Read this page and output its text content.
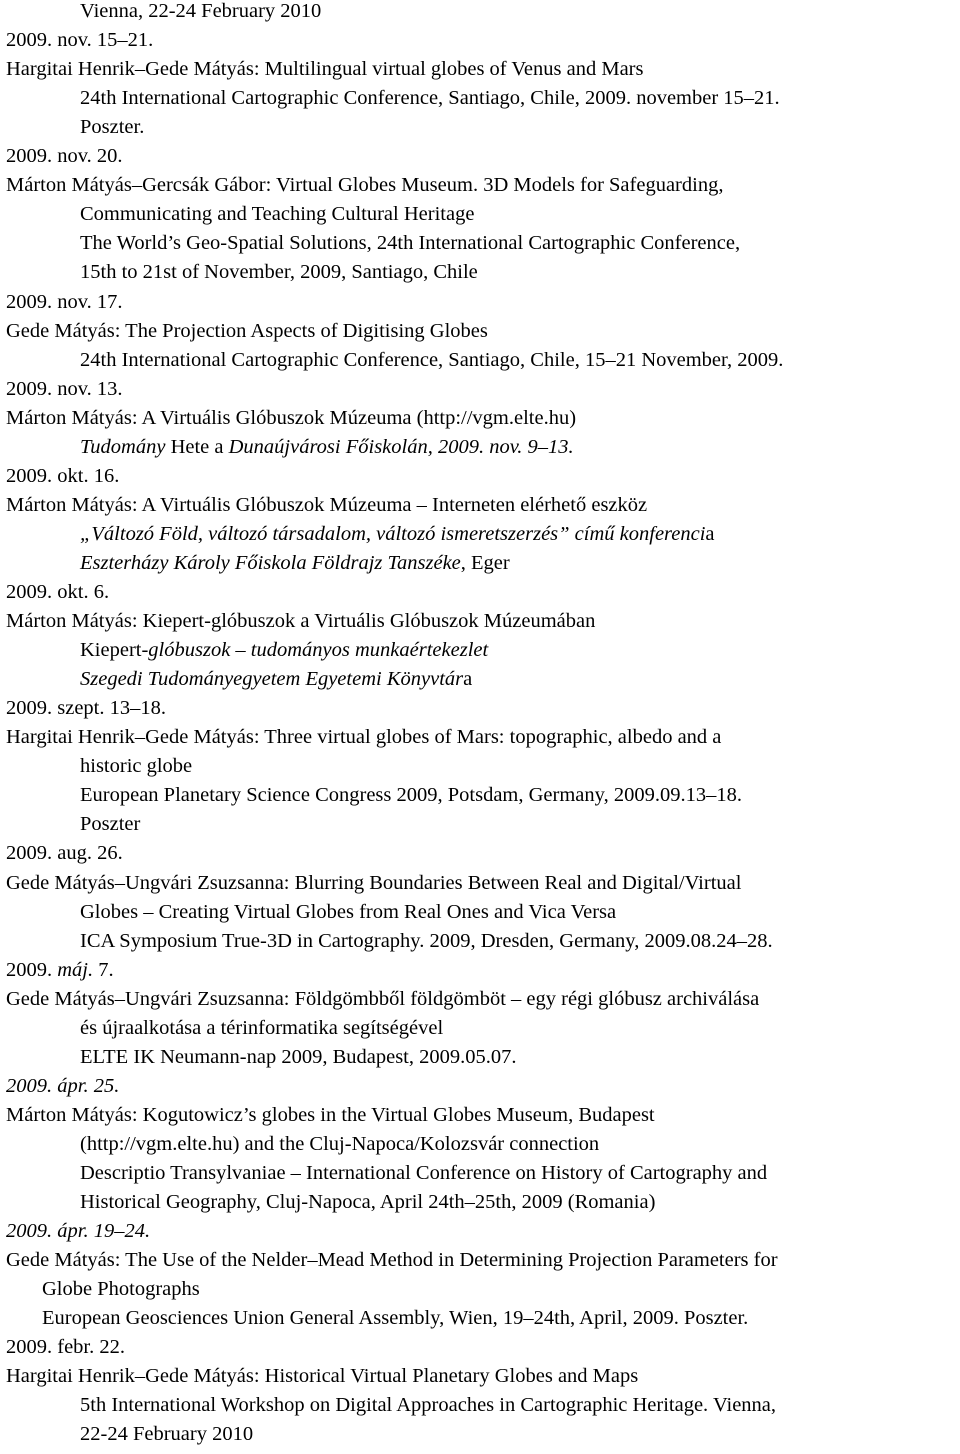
Vienna, 22-24 February 2010
2009. nov. 15–21.
Hargitai Henrik–Gede Mátyás: Multilingual virtual globes of Venus and Mars
24th International Cartographic Conference, Santiago, Chile, 2009. november 15–21.
Poszter.
2009. nov. 20.
Márton Mátyás–Gercsák Gábor: Virtual Globes Museum. 3D Models for Safeguarding,
Communicating and Teaching Cultural Heritage
The World’s Geo-Spatial Solutions, 24th International Cartographic Conference,
15th to 21st of November, 2009, Santiago, Chile
2009. nov. 17.
Gede Mátyás: The Projection Aspects of Digitising Globes
24th International Cartographic Conference, Santiago, Chile, 15–21 November, 2009.
2009. nov. 13.
Márton Mátyás: A Virtuális Glóbuszok Múzeuma (http://vgm.elte.hu)
Tudomány Hete a Dunaújvárosi Főiskolán, 2009. nov. 9–13.
2009. okt. 16.
Márton Mátyás: A Virtuális Glóbuszok Múzeuma – Interneten elérhető eszköz
„Változó Föld, változó társadalom, változó ismeretszerzés” című konferencia
Eszterházy Károly Főiskola Földrajz Tanszéke, Eger
2009. okt. 6.
Márton Mátyás: Kiepert-glóbuszok a Virtuális Glóbuszok Múzeumában
Kiepert-glóbuszok – tudományos munkaértekezlet
Szegedi Tudományegyetem Egyetemi Könyvtára
2009. szept. 13–18.
Hargitai Henrik–Gede Mátyás: Three virtual globes of Mars: topographic, albedo and a
historic globe
European Planetary Science Congress 2009, Potsdam, Germany, 2009.09.13–18.
Poszter
2009. aug. 26.
Gede Mátyás–Ungvári Zsuzsanna: Blurring Boundaries Between Real and Digital/Virtual
Globes – Creating Virtual Globes from Real Ones and Vica Versa
ICA Symposium True-3D in Cartography. 2009, Dresden, Germany, 2009.08.24–28.
2009. máj. 7.
Gede Mátyás–Ungvári Zsuzsanna: Földgömbből földgömböt – egy régi glóbusz archiválása
és újraalkotása a térinformatika segítségével
ELTE IK Neumann-nap 2009, Budapest, 2009.05.07.
2009. ápr. 25.
Márton Mátyás: Kogutowicz’s globes in the Virtual Globes Museum, Budapest
(http://vgm.elte.hu) and the Cluj-Napoca/Kolozsvár connection
Descriptio Transylvaniae – International Conference on History of Cartography and
Historical Geography, Cluj-Napoca, April 24th–25th, 2009 (Romania)
2009. ápr. 19–24.
Gede Mátyás: The Use of the Nelder–Mead Method in Determining Projection Parameters for
Globe Photographs
European Geosciences Union General Assembly, Wien, 19–24th, April, 2009. Poszter.
2009. febr. 22.
Hargitai Henrik–Gede Mátyás: Historical Virtual Planetary Globes and Maps
5th International Workshop on Digital Approaches in Cartographic Heritage. Vienna,
22-24 February 2010
